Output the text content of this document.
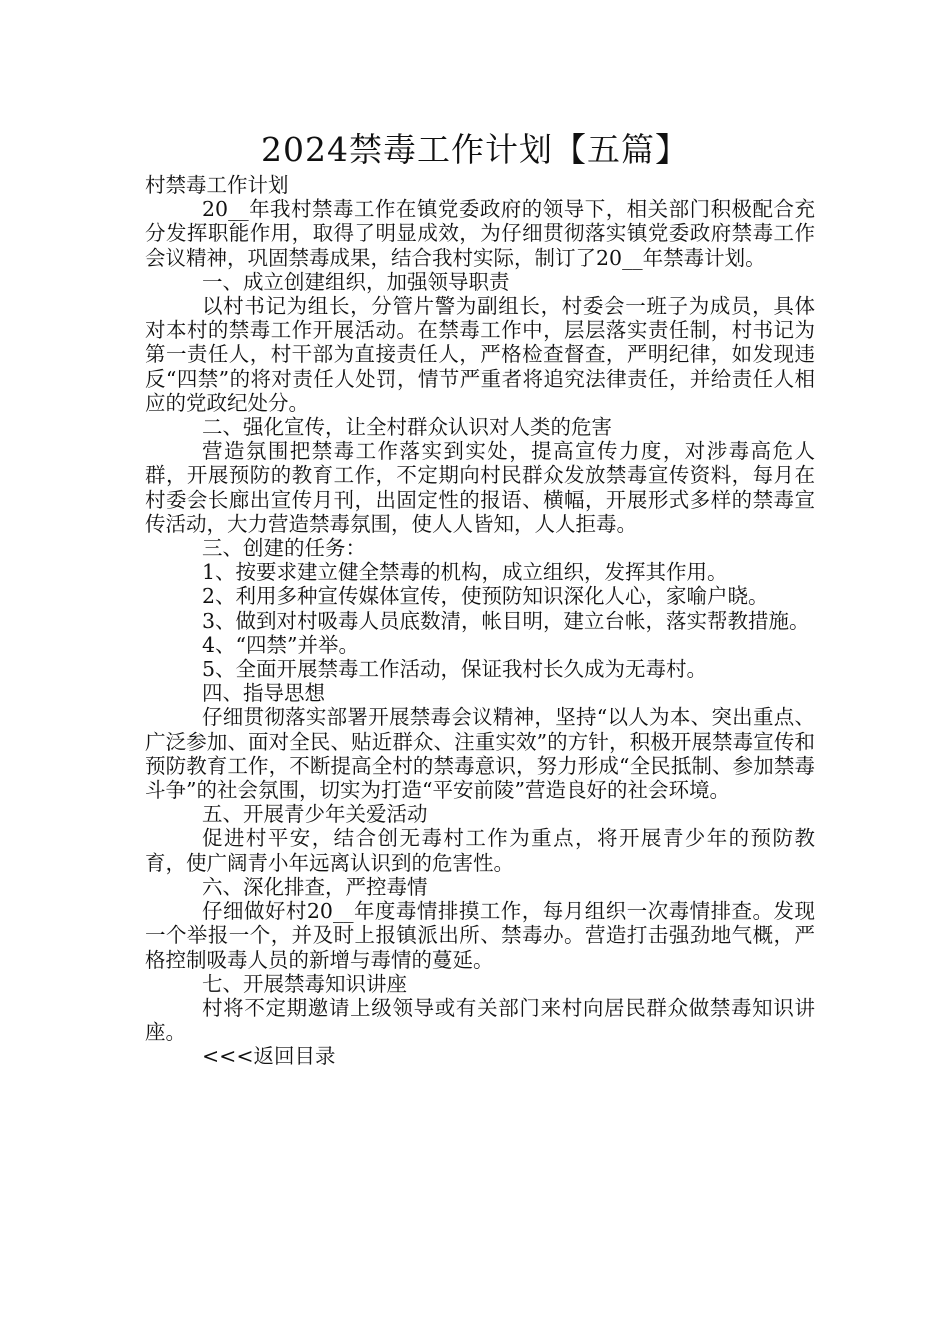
2024禁毒工作计划【五篇】

村禁毒工作计划

20__年我村禁毒工作在镇党委政府的领导下，相关部门积极配合充分发挥职能作用，取得了明显成效，为仔细贯彻落实镇党委政府禁毒工作会议精神，巩固禁毒成果，结合我村实际，制订了20__年禁毒计划。

一、成立创建组织，加强领导职责

以村书记为组长，分管片警为副组长，村委会一班子为成员，具体对本村的禁毒工作开展活动。在禁毒工作中，层层落实责任制，村书记为第一责任人，村干部为直接责任人，严格检查督查，严明纪律，如发现违反“四禁”的将对责任人处罚，情节严重者将追究法律责任，并给责任人相应的党政纪处分。

二、强化宣传，让全村群众认识对人类的危害

营造氛围把禁毒工作落实到实处，提高宣传力度，对涉毒高危人群，开展预防的教育工作，不定期向村民群众发放禁毒宣传资料，每月在村委会长廊出宣传月刊，出固定性的报语、横幅，开展形式多样的禁毒宣传活动，大力营造禁毒氛围，使人人皆知，人人拒毒。

三、创建的任务：

1、按要求建立健全禁毒的机构，成立组织，发挥其作用。

2、利用多种宣传媒体宣传，使预防知识深化人心，家喻户晓。

3、做到对村吸毒人员底数清，帐目明，建立台帐，落实帮教措施。

4、“四禁”并举。

5、全面开展禁毒工作活动，保证我村长久成为无毒村。

四、指导思想

仔细贯彻落实部署开展禁毒会议精神，坚持“以人为本、突出重点、广泛参加、面对全民、贴近群众、注重实效”的方针，积极开展禁毒宣传和预防教育工作，不断提高全村的禁毒意识，努力形成“全民抵制、参加禁毒斗争”的社会氛围，切实为打造“平安前陵”营造良好的社会环境。

五、开展青少年关爱活动

促进村平安，结合创无毒村工作为重点，将开展青少年的预防教育，使广阔青小年远离认识到的危害性。

六、深化排查，严控毒情

仔细做好村20__年度毒情排摸工作，每月组织一次毒情排查。发现一个举报一个，并及时上报镇派出所、禁毒办。营造打击强劲地气概，严格控制吸毒人员的新增与毒情的蔓延。

七、开展禁毒知识讲座

村将不定期邀请上级领导或有关部门来村向居民群众做禁毒知识讲座。

<<<返回目录
